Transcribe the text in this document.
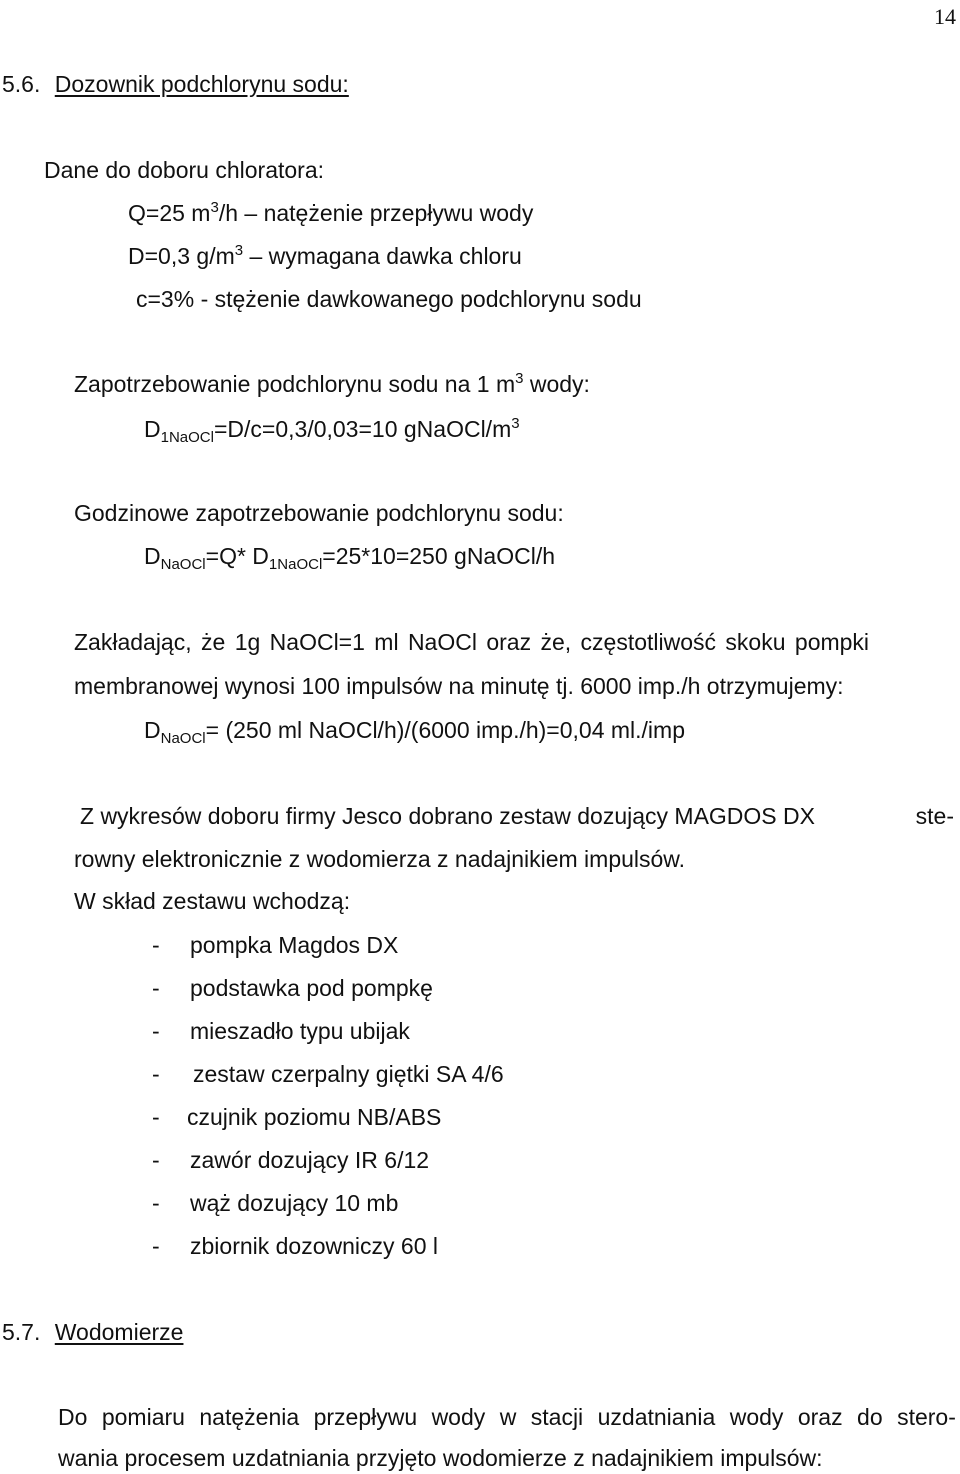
14
5.6. Dozownik podchlorynu sodu:
Dane do doboru chloratora:
Q=25 $m^3/h$ – natężenie przepływu wody
D=0,3 $g/m^3$ – wymagana dawka chloru
c=3% - stężenie dawkowanego podchlorynu sodu
Zapotrzebowanie podchlorynu sodu na 1 $m^3$ wody:
$D_{1NaOCl}=D/c=0,3/0,03=10$ gNaOCl/$m^3$
Godzinowe zapotrzebowanie podchlorynu sodu:
$D_{NaOCl}=Q*$ $D_{1NaOCl}=25*10=250$ gNaOCl/h
Zakładając, że 1g NaOCl=1 ml NaOCl oraz że, częstotliwość skoku pompki
membranowej wynosi 100 impulsów na minutę tj. 6000 imp./h otrzymujemy:
$D_{NaOCl}= (250$ ml NaOCl/h)/(6000 imp./h)=0,04 ml./imp
Z wykresów doboru firmy Jesco dobrano zestaw dozujący MAGDOS DX	ste-
rowny elektronicznie z wodomierza z nadajnikiem impulsów.
W skład zestawu wchodzą:
- pompka Magdos DX
- podstawka pod pompkę
- mieszadło typu ubijak
- zestaw czerpalny giętki SA 4/6
- czujnik poziomu NB/ABS
- zawór dozujący IR 6/12
- wąż dozujący 10 mb
- zbiornik dozowniczy 60 l
5.7. Wodomierze
Do pomiaru natężenia przepływu wody w stacji uzdatniania wody oraz do stero-
wania procesem uzdatniania przyjęto wodomierze z nadajnikiem impulsów:
